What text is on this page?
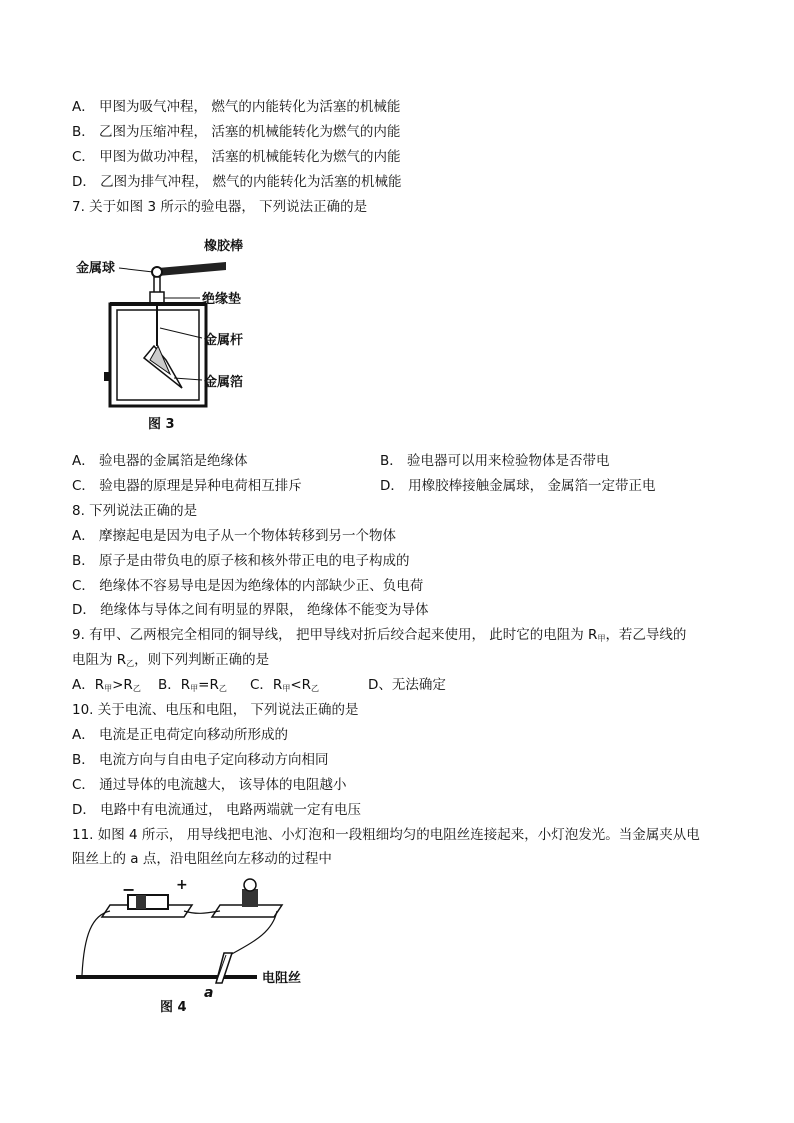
A． 甲图为吸气冲程， 燃气的内能转化为活塞的机械能
B． 乙图为压缩冲程， 活塞的机械能转化为燃气的内能
C． 甲图为做功冲程， 活塞的机械能转化为燃气的内能
D． 乙图为排气冲程， 燃气的内能转化为活塞的机械能
7. 关于如图 3 所示的验电器， 下列说法正确的是
橡胶棒
金属球
绝缘垫
金属杆
金属箔
图 3
A． 验电器的金属箔是绝缘体	B． 验电器可以用来检验物体是否带电
C． 验电器的原理是异种电荷相互排斥	D． 用橡胶棒接触金属球， 金属箔一定带正电
8. 下列说法正确的是
A． 摩擦起电是因为电子从一个物体转移到另一个物体
B． 原子是由带负电的原子核和核外带正电的电子构成的
C． 绝缘体不容易导电是因为绝缘体的内部缺少正、负电荷
D． 绝缘体与导体之间有明显的界限， 绝缘体不能变为导体
9. 有甲、乙两根完全相同的铜导线， 把甲导线对折后绞合起来使用， 此时它的电阻为 $R_甲$，若乙导线的
电阻为 $R_乙$，则下列判断正确的是
A．$R_甲>R_乙$ B．$R_甲=R_乙$ C．$R_甲<R_乙$	D、无法确定
10. 关于电流、电压和电阻， 下列说法正确的是
A． 电流是正电荷定向移动所形成的
B． 电流方向与自由电子定向移动方向相同
C． 通过导体的电流越大， 该导体的电阻越小
D． 电路中有电流通过， 电路两端就一定有电压
11. 如图 4 所示， 用导线把电池、小灯泡和一段粗细均匀的电阻丝连接起来，小灯泡发光。当金属夹从电
阻丝上的 a 点，沿电阻丝向左移动的过程中
−	+
电阻丝
a
图 4
